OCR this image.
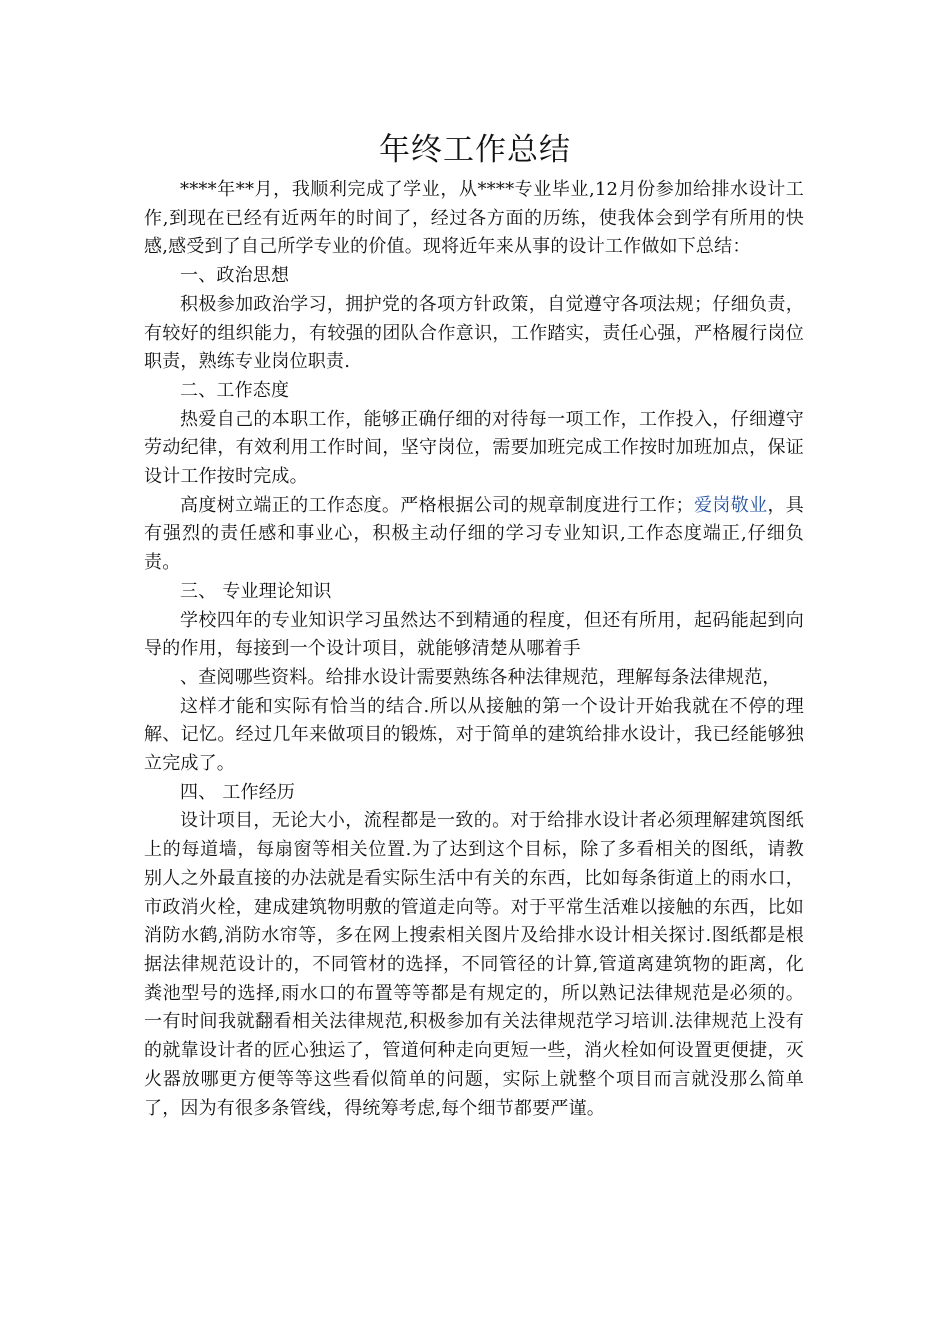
年终工作总结

****年**月，我顺利完成了学业，从****专业毕业,12月份参加给排水设计工作,到现在已经有近两年的时间了，经过各方面的历练，使我体会到学有所用的快感,感受到了自己所学专业的价值。现将近年来从事的设计工作做如下总结：

一、政治思想

积极参加政治学习，拥护党的各项方针政策，自觉遵守各项法规；仔细负责，有较好的组织能力，有较强的团队合作意识，工作踏实，责任心强，严格履行岗位职责，熟练专业岗位职责.

二、工作态度

热爱自己的本职工作，能够正确仔细的对待每一项工作，工作投入，仔细遵守劳动纪律，有效利用工作时间，坚守岗位，需要加班完成工作按时加班加点，保证设计工作按时完成。

高度树立端正的工作态度。严格根据公司的规章制度进行工作；爱岗敬业，具有强烈的责任感和事业心，积极主动仔细的学习专业知识,工作态度端正,仔细负责。

三、 专业理论知识

学校四年的专业知识学习虽然达不到精通的程度，但还有所用，起码能起到向导的作用，每接到一个设计项目，就能够清楚从哪着手

、查阅哪些资料。给排水设计需要熟练各种法律规范，理解每条法律规范，

这样才能和实际有恰当的结合.所以从接触的第一个设计开始我就在不停的理解、记忆。经过几年来做项目的锻炼，对于简单的建筑给排水设计，我已经能够独立完成了。

四、 工作经历

设计项目，无论大小，流程都是一致的。对于给排水设计者必须理解建筑图纸上的每道墙，每扇窗等相关位置.为了达到这个目标，除了多看相关的图纸，请教别人之外最直接的办法就是看实际生活中有关的东西，比如每条街道上的雨水口，市政消火栓，建成建筑物明敷的管道走向等。对于平常生活难以接触的东西，比如消防水鹤,消防水帘等，多在网上搜索相关图片及给排水设计相关探讨.图纸都是根据法律规范设计的，不同管材的选择，不同管径的计算,管道离建筑物的距离，化粪池型号的选择,雨水口的布置等等都是有规定的，所以熟记法律规范是必须的。一有时间我就翻看相关法律规范,积极参加有关法律规范学习培训.法律规范上没有的就靠设计者的匠心独运了，管道何种走向更短一些，消火栓如何设置更便捷，灭火器放哪更方便等等这些看似简单的问题，实际上就整个项目而言就没那么简单了，因为有很多条管线，得统筹考虑,每个细节都要严谨。
